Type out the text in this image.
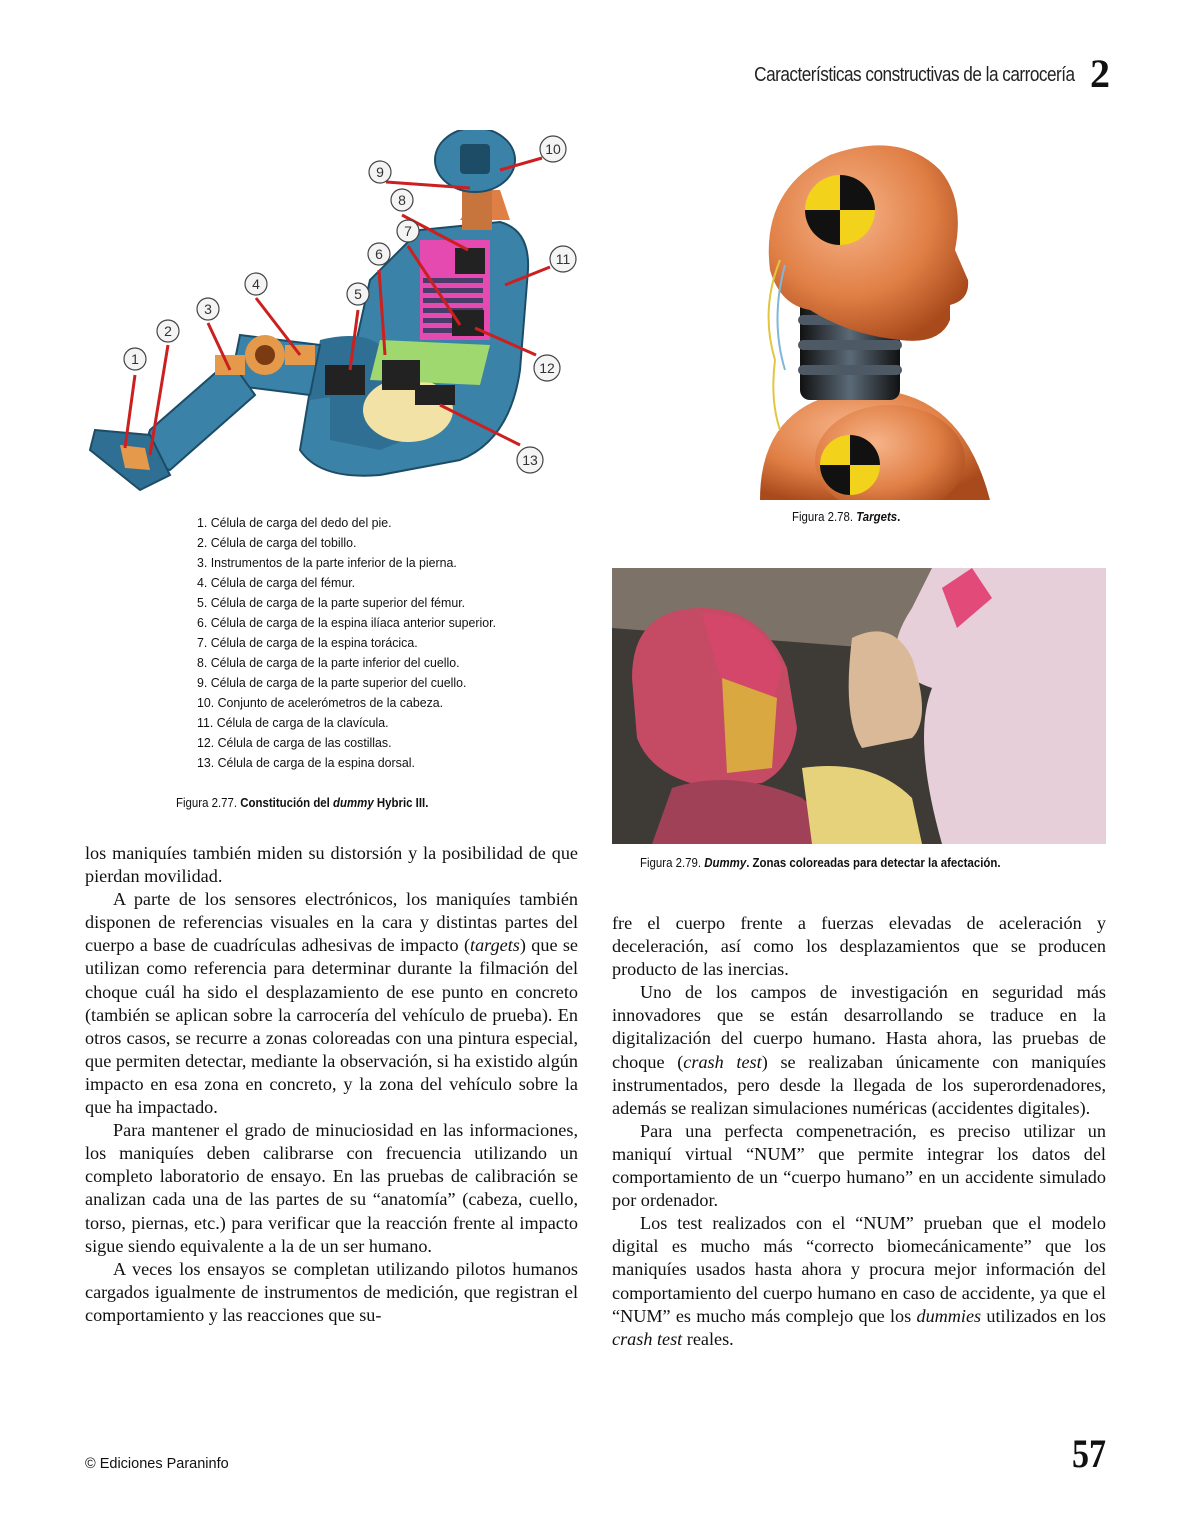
Características constructivas de la carrocería 2
1
2
3
4
5
6
7
8
9
10
11
12
13
1. Célula de carga del dedo del pie.
2. Célula de carga del tobillo.
3. Instrumentos de la parte inferior de la pierna.
4. Célula de carga del fémur.
5. Célula de carga de la parte superior del fémur.
6. Célula de carga de la espina ilíaca anterior superior.
7. Célula de carga de la espina torácica.
8. Célula de carga de la parte inferior del cuello.
9. Célula de carga de la parte superior del cuello.
10. Conjunto de acelerómetros de la cabeza.
11. Célula de carga de la clavícula.
12. Célula de carga de las costillas.
13. Célula de carga de la espina dorsal.
Figura 2.77. Constitución del dummy Hybric III.
Figura 2.78. Targets.
Figura 2.79. Dummy. Zonas coloreadas para detectar la afectación.

los maniquíes también miden su distorsión y la posibilidad de que pierdan movilidad.

A parte de los sensores electrónicos, los maniquíes también disponen de referencias visuales en la cara y distintas partes del cuerpo a base de cuadrículas adhesivas de impacto (targets) que se utilizan como referencia para determinar durante la filmación del choque cuál ha sido el desplazamiento de ese punto en concreto (también se aplican sobre la carrocería del vehículo de prueba). En otros casos, se recurre a zonas coloreadas con una pintura especial, que permiten detectar, mediante la observación, si ha existido algún impacto en esa zona en concreto, y la zona del vehículo sobre la que ha impactado.

Para mantener el grado de minuciosidad en las informaciones, los maniquíes deben calibrarse con frecuencia utilizando un completo laboratorio de ensayo. En las pruebas de calibración se analizan cada una de las partes de su “anatomía” (cabeza, cuello, torso, piernas, etc.) para verificar que la reacción frente al impacto sigue siendo equivalente a la de un ser humano.

A veces los ensayos se completan utilizando pilotos humanos cargados igualmente de instrumentos de medición, que registran el comportamiento y las reacciones que su-

fre el cuerpo frente a fuerzas elevadas de aceleración y deceleración, así como los desplazamientos que se producen producto de las inercias.

Uno de los campos de investigación en seguridad más innovadores que se están desarrollando se traduce en la digitalización del cuerpo humano. Hasta ahora, las pruebas de choque (crash test) se realizaban únicamente con maniquíes instrumentados, pero desde la llegada de los superordenadores, además se realizan simulaciones numéricas (accidentes digitales).

Para una perfecta compenetración, es preciso utilizar un maniquí virtual “NUM” que permite integrar los datos del comportamiento de un “cuerpo humano” en un accidente simulado por ordenador.

Los test realizados con el “NUM” prueban que el modelo digital es mucho más “correcto biomecánicamente” que los maniquíes usados hasta ahora y procura mejor información del comportamiento del cuerpo humano en caso de accidente, ya que el “NUM” es mucho más complejo que los dummies utilizados en los crash test reales.

© Ediciones Paraninfo	57
